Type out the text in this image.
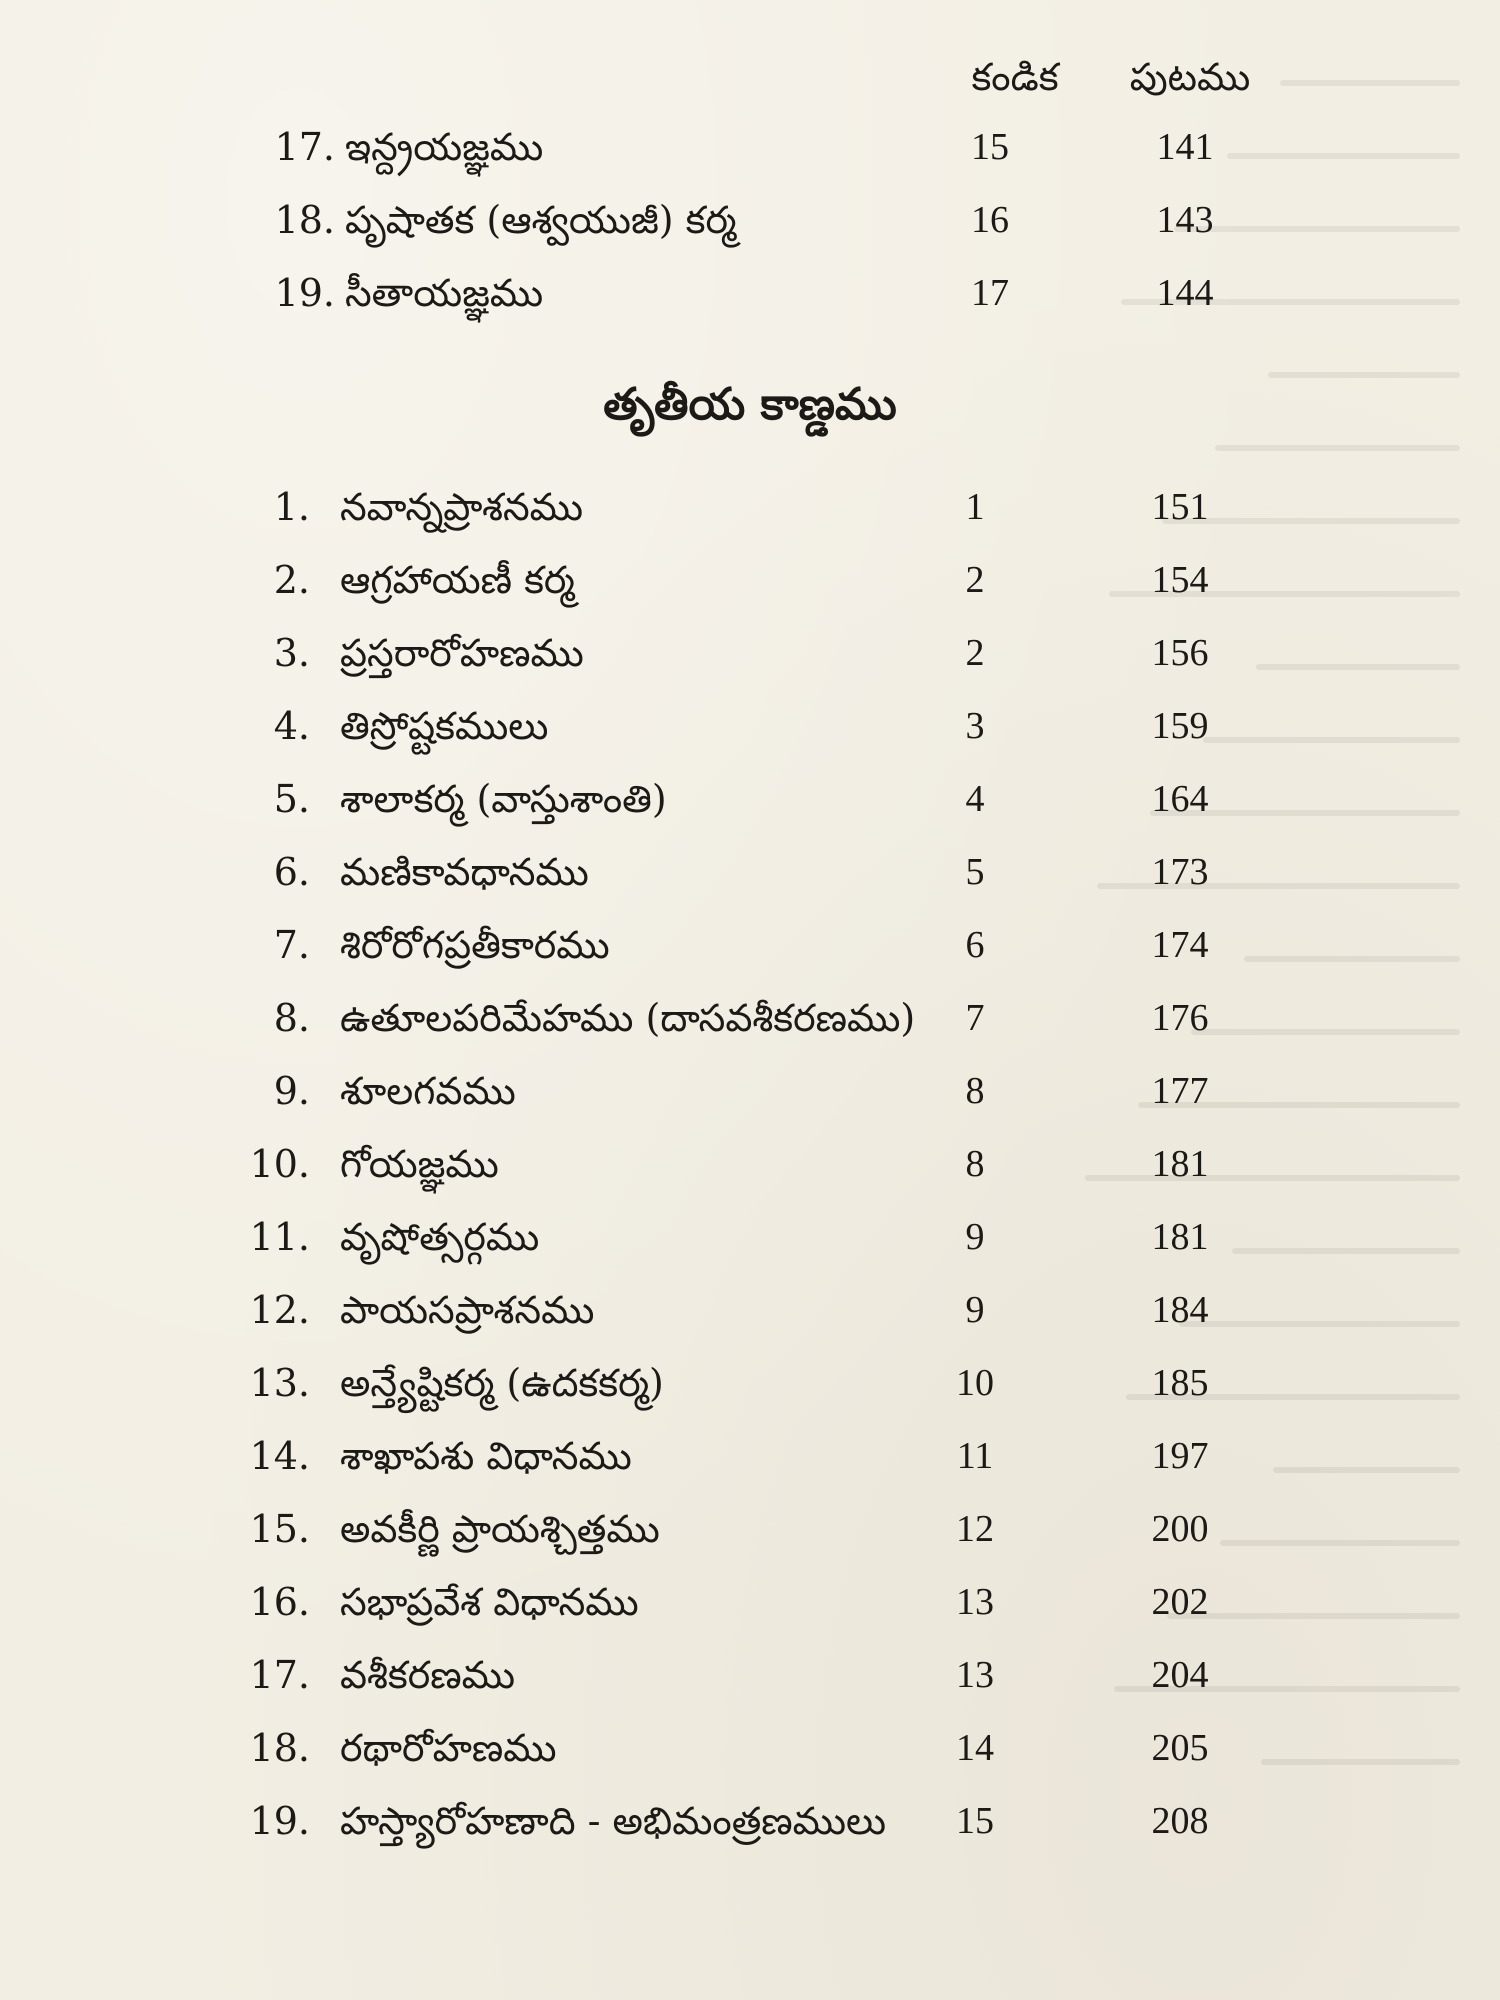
కండిక	పుటము
17. ఇన్ద్రయజ్ఞము	15	141
18. పృషాతక (ఆశ్వయుజీ) కర్మ	16	143
19. సీతాయజ్ఞము	17	144
తృతీయ కాణ్డము
1. నవాన్నప్రాశనము	1	151
2. ఆగ్రహాయణీ కర్మ	2	154
3. ప్రస్తరారోహణము	2	156
4. తిస్రోష్టకములు	3	159
5. శాలాకర్మ (వాస్తుశాంతి)	4	164
6. మణికావధానము	5	173
7. శిరోరోగప్రతీకారము	6	174
8. ఉతూలపరిమేహము (దాసవశీకరణము)	7	176
9. శూలగవము	8	177
10. గోయజ్ఞము	8	181
11. వృషోత్సర్గము	9	181
12. పాయసప్రాశనము	9	184
13. అన్త్యేష్టికర్మ (ఉదకకర్మ)	10	185
14. శాఖాపశు విధానము	11	197
15. అవకీర్ణి ప్రాయశ్చిత్తము	12	200
16. సభాప్రవేశ విధానము	13	202
17. వశీకరణము	13	204
18. రథారోహణము	14	205
19. హస్త్యారోహణాది - అభిమంత్రణములు	15	208
